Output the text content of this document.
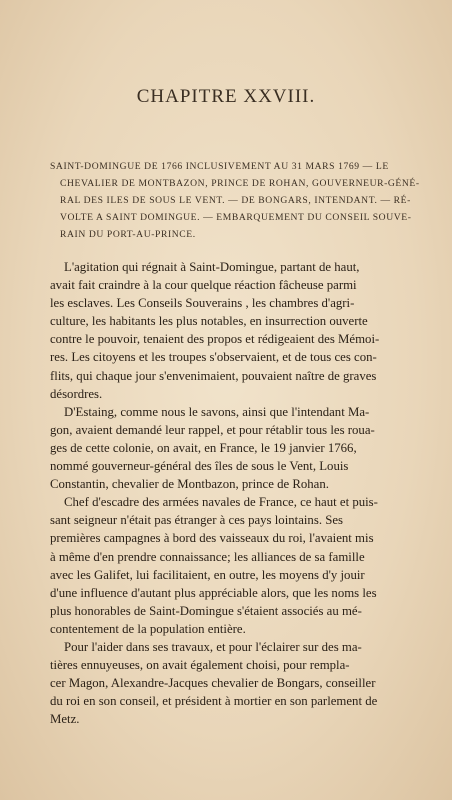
CHAPITRE XXVIII.
SAINT-DOMINGUE DE 1766 INCLUSIVEMENT AU 31 MARS 1769 — LE
CHEVALIER DE MONTBAZON, PRINCE DE ROHAN, GOUVERNEUR-GÉNÉ-
RAL DES ILES DE SOUS LE VENT. — DE BONGARS, INTENDANT. — RÉ-
VOLTE A SAINT DOMINGUE. — EMBARQUEMENT DU CONSEIL SOUVE-
RAIN DU PORT-AU-PRINCE.

L'agitation qui régnait à Saint-Domingue, partant de haut,
avait fait craindre à la cour quelque réaction fâcheuse parmi
les esclaves. Les Conseils Souverains , les chambres d'agri-
culture, les habitants les plus notables, en insurrection ouverte
contre le pouvoir, tenaient des propos et rédigeaient des Mémoi-
res. Les citoyens et les troupes s'observaient, et de tous ces con-
flits, qui chaque jour s'envenimaient, pouvaient naître de graves
désordres.

D'Estaing, comme nous le savons, ainsi que l'intendant Ma-
gon, avaient demandé leur rappel, et pour rétablir tous les roua-
ges de cette colonie, on avait, en France, le 19 janvier 1766,
nommé gouverneur-général des îles de sous le Vent, Louis
Constantin, chevalier de Montbazon, prince de Rohan.

Chef d'escadre des armées navales de France, ce haut et puis-
sant seigneur n'était pas étranger à ces pays lointains. Ses
premières campagnes à bord des vaisseaux du roi, l'avaient mis
à même d'en prendre connaissance; les alliances de sa famille
avec les Galifet, lui facilitaient, en outre, les moyens d'y jouir
d'une influence d'autant plus appréciable alors, que les noms les
plus honorables de Saint-Domingue s'étaient associés au mé-
contentement de la population entière.

Pour l'aider dans ses travaux, et pour l'éclairer sur des ma-
tières ennuyeuses, on avait également choisi, pour rempla-
cer Magon, Alexandre-Jacques chevalier de Bongars, conseiller
du roi en son conseil, et président à mortier en son parlement de
Metz.
